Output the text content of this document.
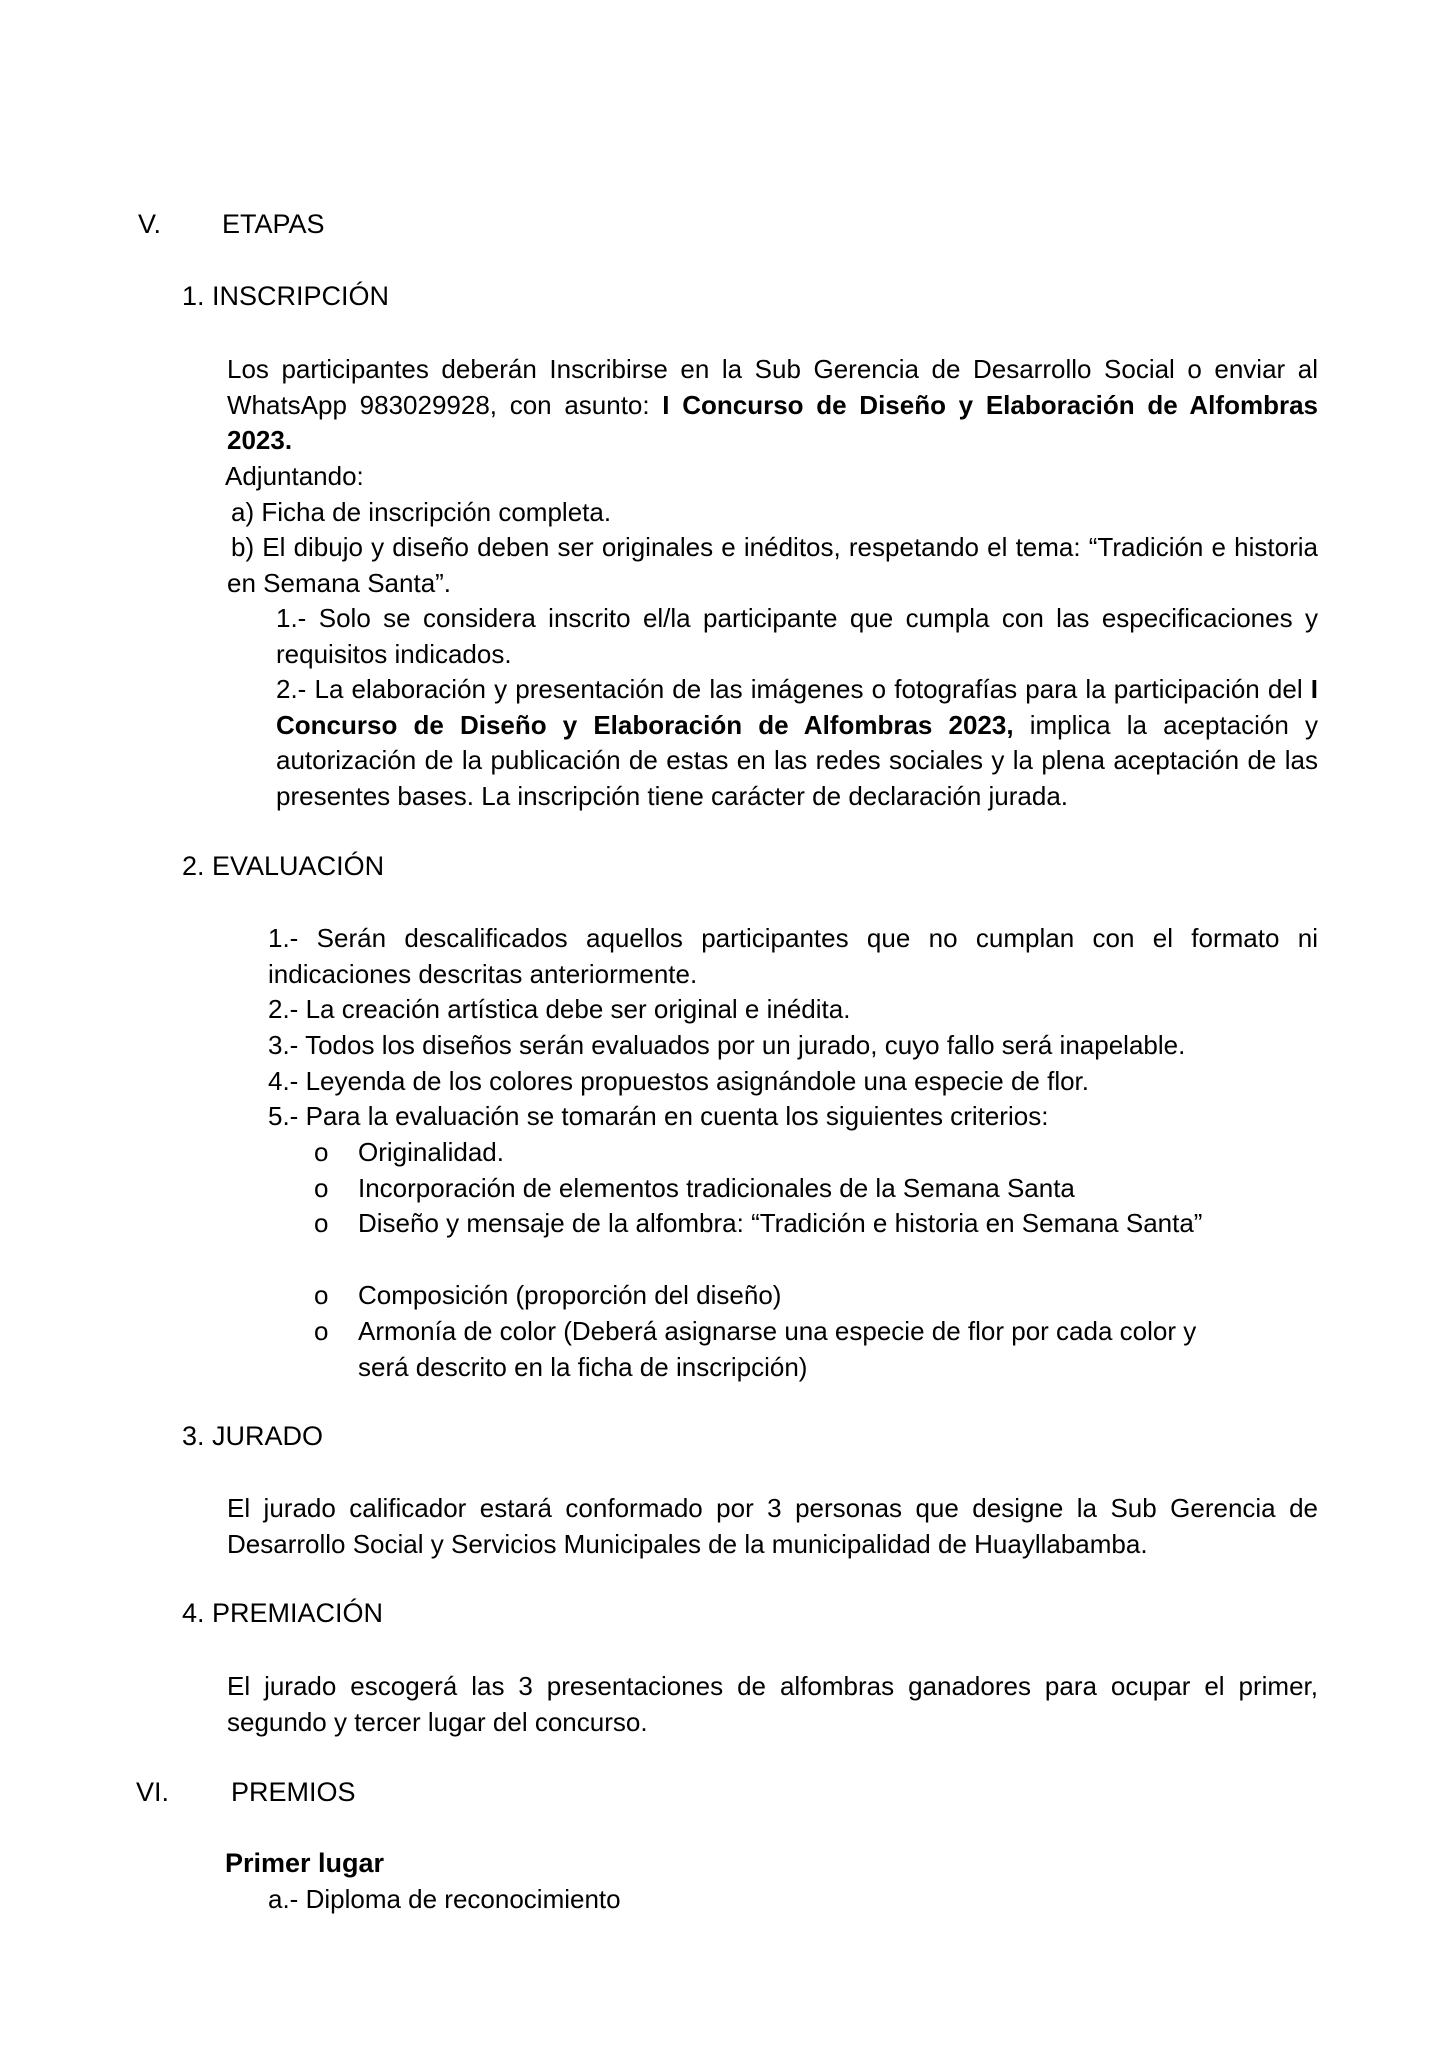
V. ETAPAS
1. INSCRIPCIÓN
Los participantes deberán Inscribirse en la Sub Gerencia de Desarrollo Social o enviar al WhatsApp 983029928, con asunto: I Concurso de Diseño y Elaboración de Alfombras 2023.
Adjuntando:
a) Ficha de inscripción completa.
b) El dibujo y diseño deben ser originales e inéditos, respetando el tema: “Tradición e historia en Semana Santa”.
1.- Solo se considera inscrito el/la participante que cumpla con las especificaciones y requisitos indicados.
2.- La elaboración y presentación de las imágenes o fotografías para la participación del I Concurso de Diseño y Elaboración de Alfombras 2023, implica la aceptación y autorización de la publicación de estas en las redes sociales y la plena aceptación de las presentes bases. La inscripción tiene carácter de declaración jurada.
2. EVALUACIÓN
1.- Serán descalificados aquellos participantes que no cumplan con el formato ni indicaciones descritas anteriormente.
2.- La creación artística debe ser original e inédita.
3.- Todos los diseños serán evaluados por un jurado, cuyo fallo será inapelable.
4.- Leyenda de los colores propuestos asignándole una especie de flor.
5.- Para la evaluación se tomarán en cuenta los siguientes criterios:
o Originalidad.
o Incorporación de elementos tradicionales de la Semana Santa
o Diseño y mensaje de la alfombra: “Tradición e historia en Semana Santa”
o Composición (proporción del diseño)
o Armonía de color (Deberá asignarse una especie de flor por cada color y será descrito en la ficha de inscripción)
3. JURADO
El jurado calificador estará conformado por 3 personas que designe la Sub Gerencia de Desarrollo Social y Servicios Municipales de la municipalidad de Huayllabamba.
4. PREMIACIÓN
El jurado escogerá las 3 presentaciones de alfombras ganadores para ocupar el primer, segundo y tercer lugar del concurso.
VI. PREMIOS
Primer lugar
a.- Diploma de reconocimiento
